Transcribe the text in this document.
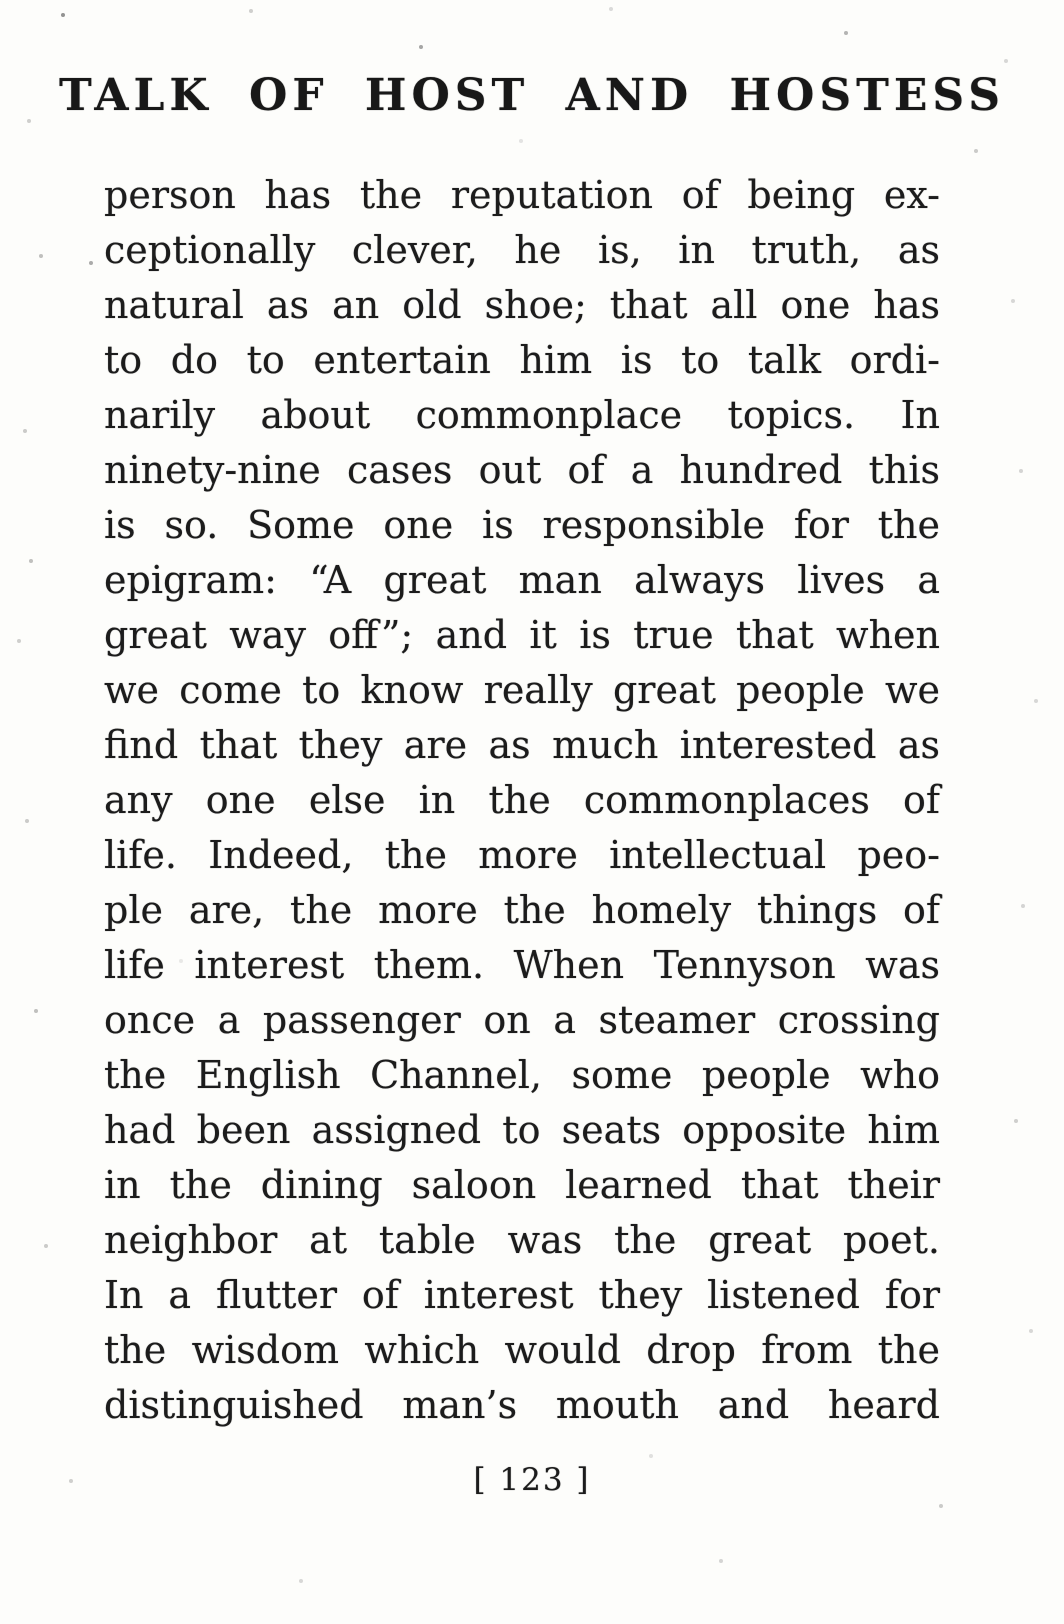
TALK OF HOST AND HOSTESS
person has the reputation of being ex-
ceptionally clever, he is, in truth, as
natural as an old shoe; that all one has
to do to entertain him is to talk ordi-
narily about commonplace topics. In
ninety-nine cases out of a hundred this
is so. Some one is responsible for the
epigram: “A great man always lives a
great way off”; and it is true that when
we come to know really great people we
find that they are as much interested as
any one else in the commonplaces of
life. Indeed, the more intellectual peo-
ple are, the more the homely things of
life interest them. When Tennyson was
once a passenger on a steamer crossing
the English Channel, some people who
had been assigned to seats opposite him
in the dining saloon learned that their
neighbor at table was the great poet.
In a flutter of interest they listened for
the wisdom which would drop from the
distinguished man’s mouth and heard
[ 123 ]
